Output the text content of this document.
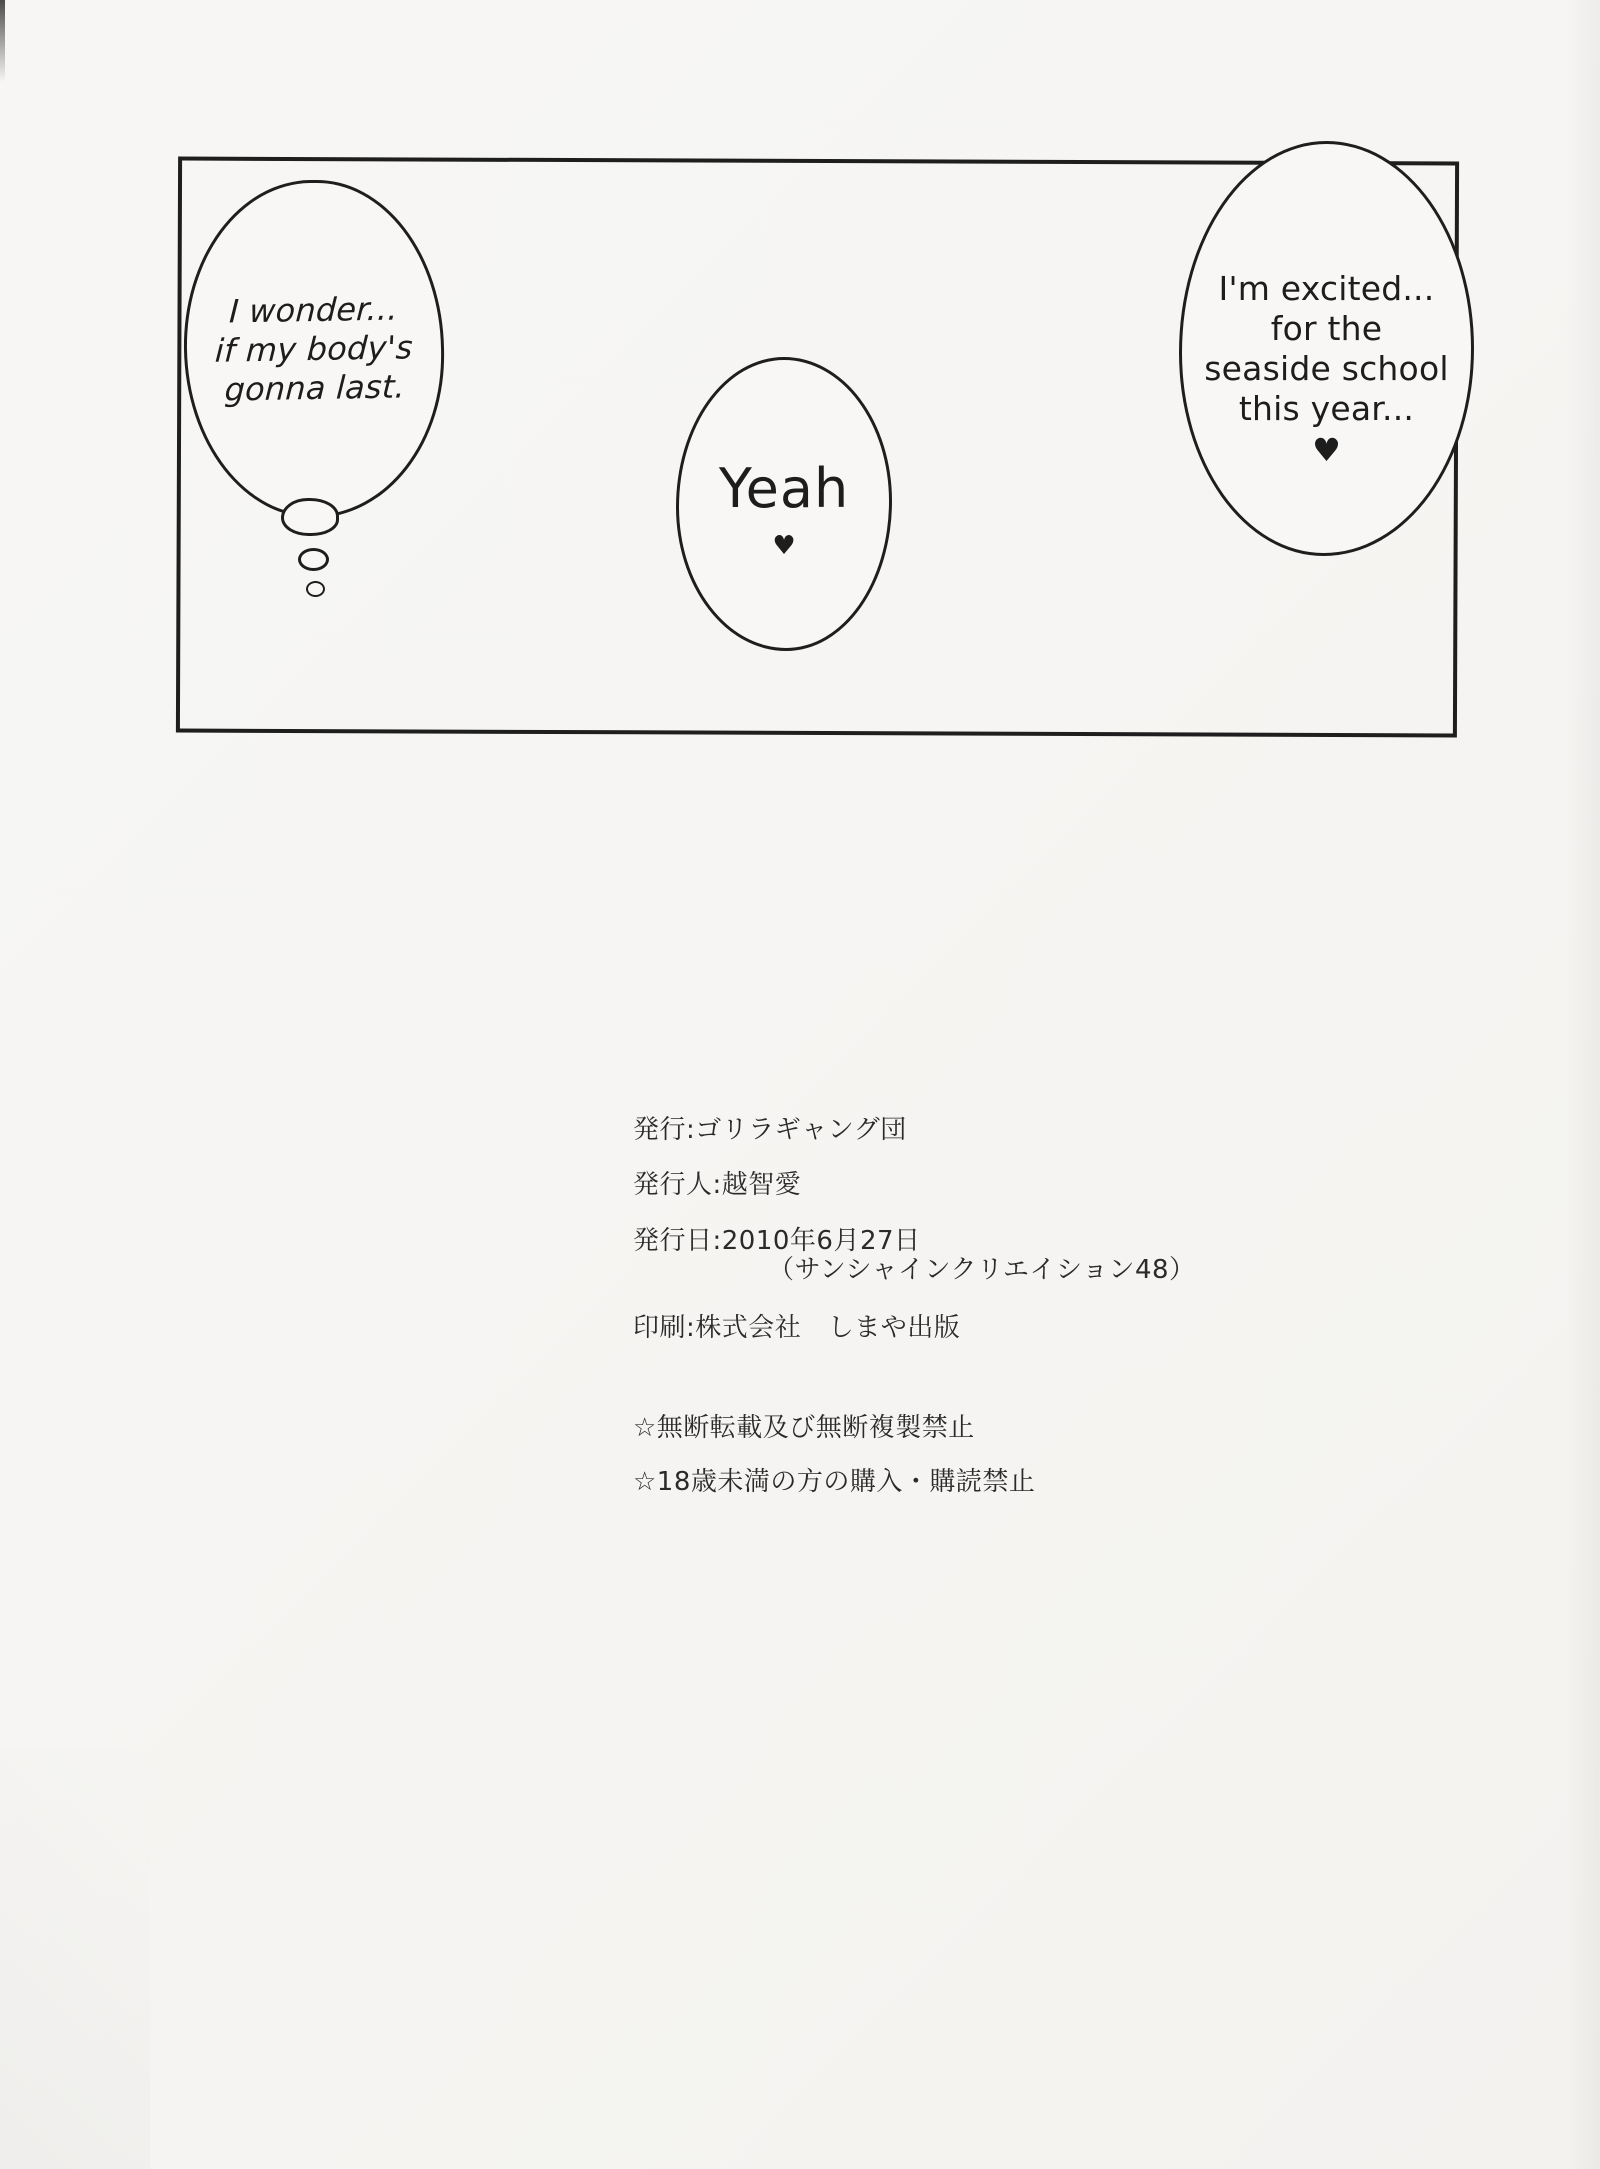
I wonder...
if my body's
gonna last.
Yeah
♥
I'm excited...
for the
seaside school
this year...
♥
発行:ゴリラギャング団
発行人:越智愛
発行日:2010年6月27日
（サンシャインクリエイション48）
印刷:株式会社　しまや出版
☆無断転載及び無断複製禁止
☆18歳未満の方の購入・購読禁止
